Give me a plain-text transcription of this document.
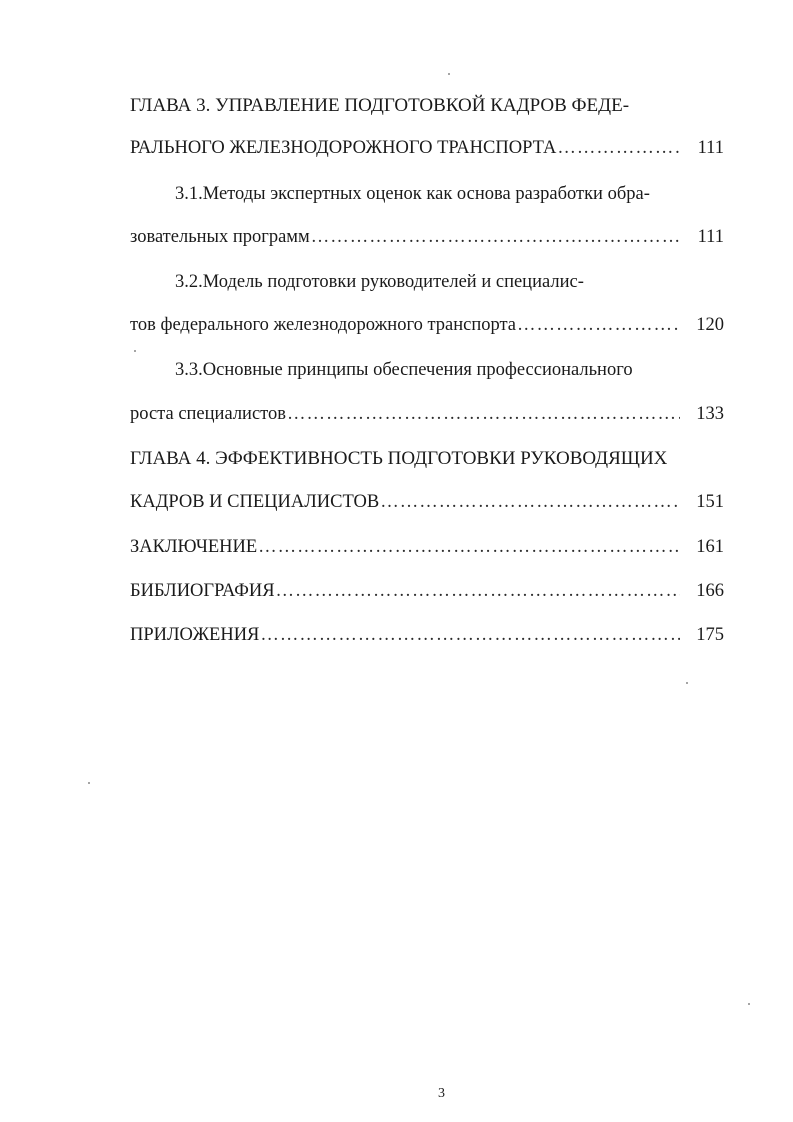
ГЛАВА 3. УПРАВЛЕНИЕ ПОДГОТОВКОЙ КАДРОВ ФЕДЕ-
РАЛЬНОГО ЖЕЛЕЗНОДОРОЖНОГО ТРАНСПОРТА ……………………………………………………………………………………………………………………………………………………	111
3.1.Методы экспертных оценок как основа разработки обра-
зовательных программ ……………………………………………………………………………………………………………………………………………………	111
3.2.Модель подготовки руководителей и специалис-
тов федерального железнодорожного транспорта ……………………………………………………………………………………………………………………………………………………	120
3.3.Основные принципы обеспечения профессионального
роста специалистов ……………………………………………………………………………………………………………………………………………………	133
ГЛАВА 4. ЭФФЕКТИВНОСТЬ ПОДГОТОВКИ РУКОВОДЯЩИХ
КАДРОВ И СПЕЦИАЛИСТОВ ……………………………………………………………………………………………………………………………………………………	151
ЗАКЛЮЧЕНИЕ ……………………………………………………………………………………………………………………………………………………	161
БИБЛИОГРАФИЯ ……………………………………………………………………………………………………………………………………………………	166
ПРИЛОЖЕНИЯ ……………………………………………………………………………………………………………………………………………………	175
3
